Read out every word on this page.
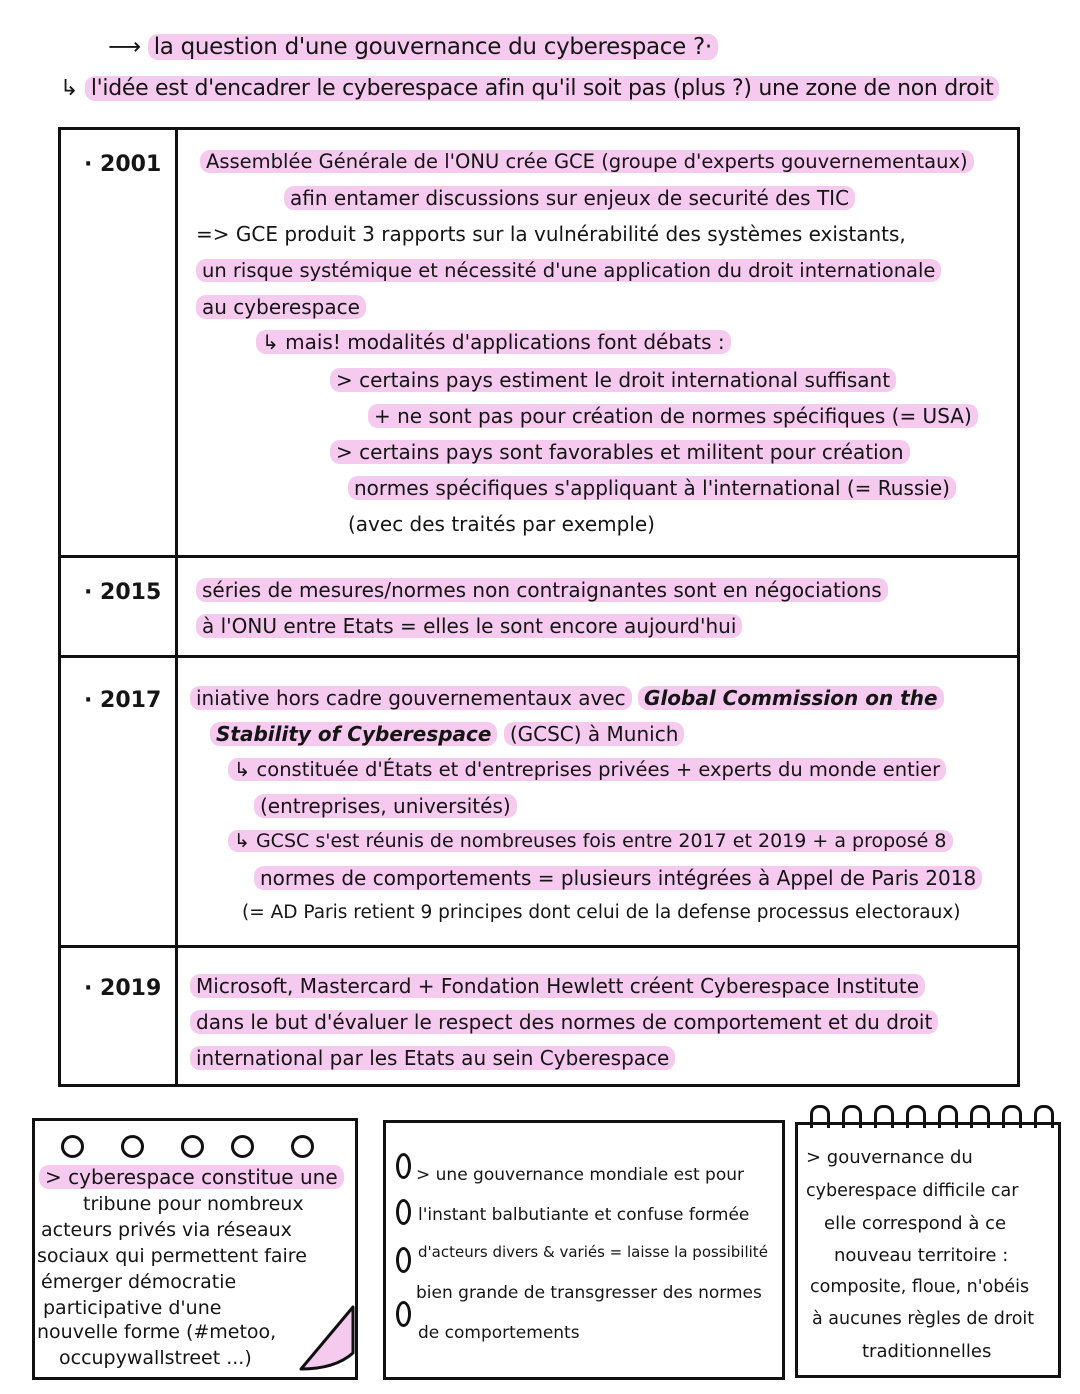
⟶ la question d'une gouvernance du cyberespace ?·
↳ l'idée est d'encadrer le cyberespace afin qu'il soit pas (plus ?) une zone de non droit
· 2001	Assemblée Générale de l'ONU crée GCE (groupe d'experts gouvernementaux)
afin entamer discussions sur enjeux de securité des TIC
=> GCE produit 3 rapports sur la vulnérabilité des systèmes existants,
un risque systémique et nécessité d'une application du droit internationale
au cyberespace
↳ mais! modalités d'applications font débats :
> certains pays estiment le droit international suffisant
+ ne sont pas pour création de normes spécifiques (= USA)
> certains pays sont favorables et militent pour création
normes spécifiques s'appliquant à l'international (= Russie)
(avec des traités par exemple)
· 2015	séries de mesures/normes non contraignantes sont en négociations
à l'ONU entre Etats = elles le sont encore aujourd'hui
· 2017	iniative hors cadre gouvernementaux avec Global Commission on the
Stability of Cyberespace (GCSC) à Munich
↳ constituée d'États et d'entreprises privées + experts du monde entier
(entreprises, universités)
↳ GCSC s'est réunis de nombreuses fois entre 2017 et 2019 + a proposé 8
normes de comportements = plusieurs intégrées à Appel de Paris 2018
(= AD Paris retient 9 principes dont celui de la defense processus electoraux)
· 2019	Microsoft, Mastercard + Fondation Hewlett créent Cyberespace Institute
dans le but d'évaluer le respect des normes de comportement et du droit
international par les Etats au sein Cyberespace
> cyberespace constitue une
tribune pour nombreux
acteurs privés via réseaux
sociaux qui permettent faire
émerger démocratie
participative d'une
nouvelle forme (#metoo,
occupywallstreet ...)
> une gouvernance mondiale est pour
l'instant balbutiante et confuse formée
d'acteurs divers & variés = laisse la possibilité
bien grande de transgresser des normes
de comportements
> gouvernance du
cyberespace difficile car
elle correspond à ce
nouveau territoire :
composite, floue, n'obéis
à aucunes règles de droit
traditionnelles
